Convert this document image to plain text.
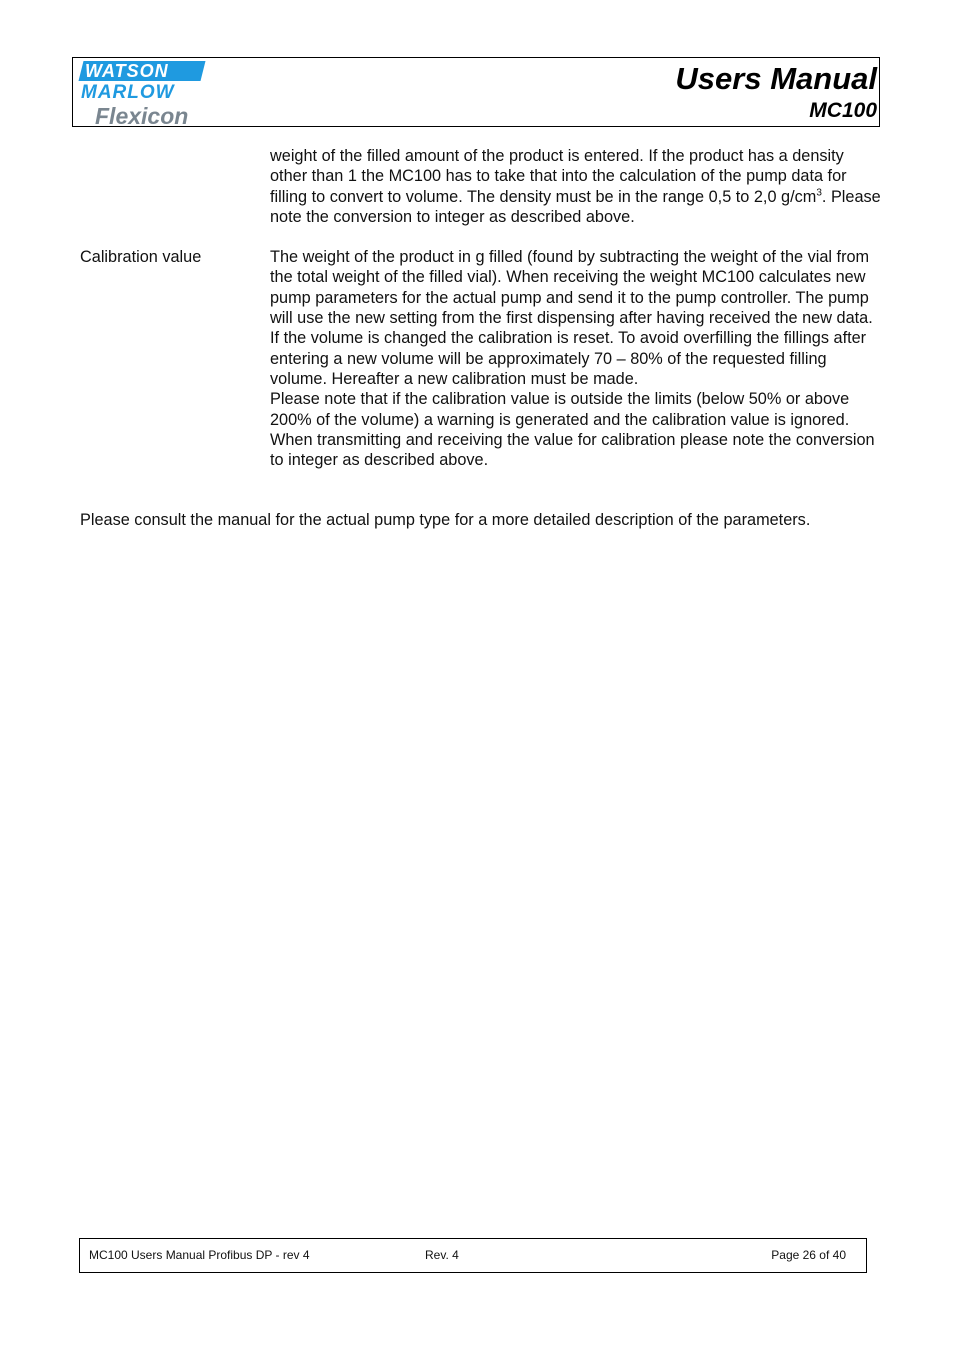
WATSON
MARLOW
Flexicon
Users Manual
MC100

weight of the filled amount of the product is entered. If the product has a density other than 1 the MC100 has to take that into the calculation of the pump data for filling to convert to volume. The density must be in the range 0,5 to 2,0 $g/cm^3$. Please note the conversion to integer as described above.

Calibration value	The weight of the product in g filled (found by subtracting the weight of the vial from the total weight of the filled vial). When receiving the weight MC100 calculates new pump parameters for the actual pump and send it to the pump controller. The pump will use the new setting from the first dispensing after having received the new data.

If the volume is changed the calibration is reset. To avoid overfilling the fillings after entering a new volume will be approximately 70 – 80% of the requested filling volume. Hereafter a new calibration must be made.

Please note that if the calibration value is outside the limits (below 50% or above 200% of the volume) a warning is generated and the calibration value is ignored.

When transmitting and receiving the value for calibration please note the conversion to integer as described above.

Please consult the manual for the actual pump type for a more detailed description of the parameters.

MC100 Users Manual Profibus DP - rev 4	Rev. 4	Page 26 of 40
